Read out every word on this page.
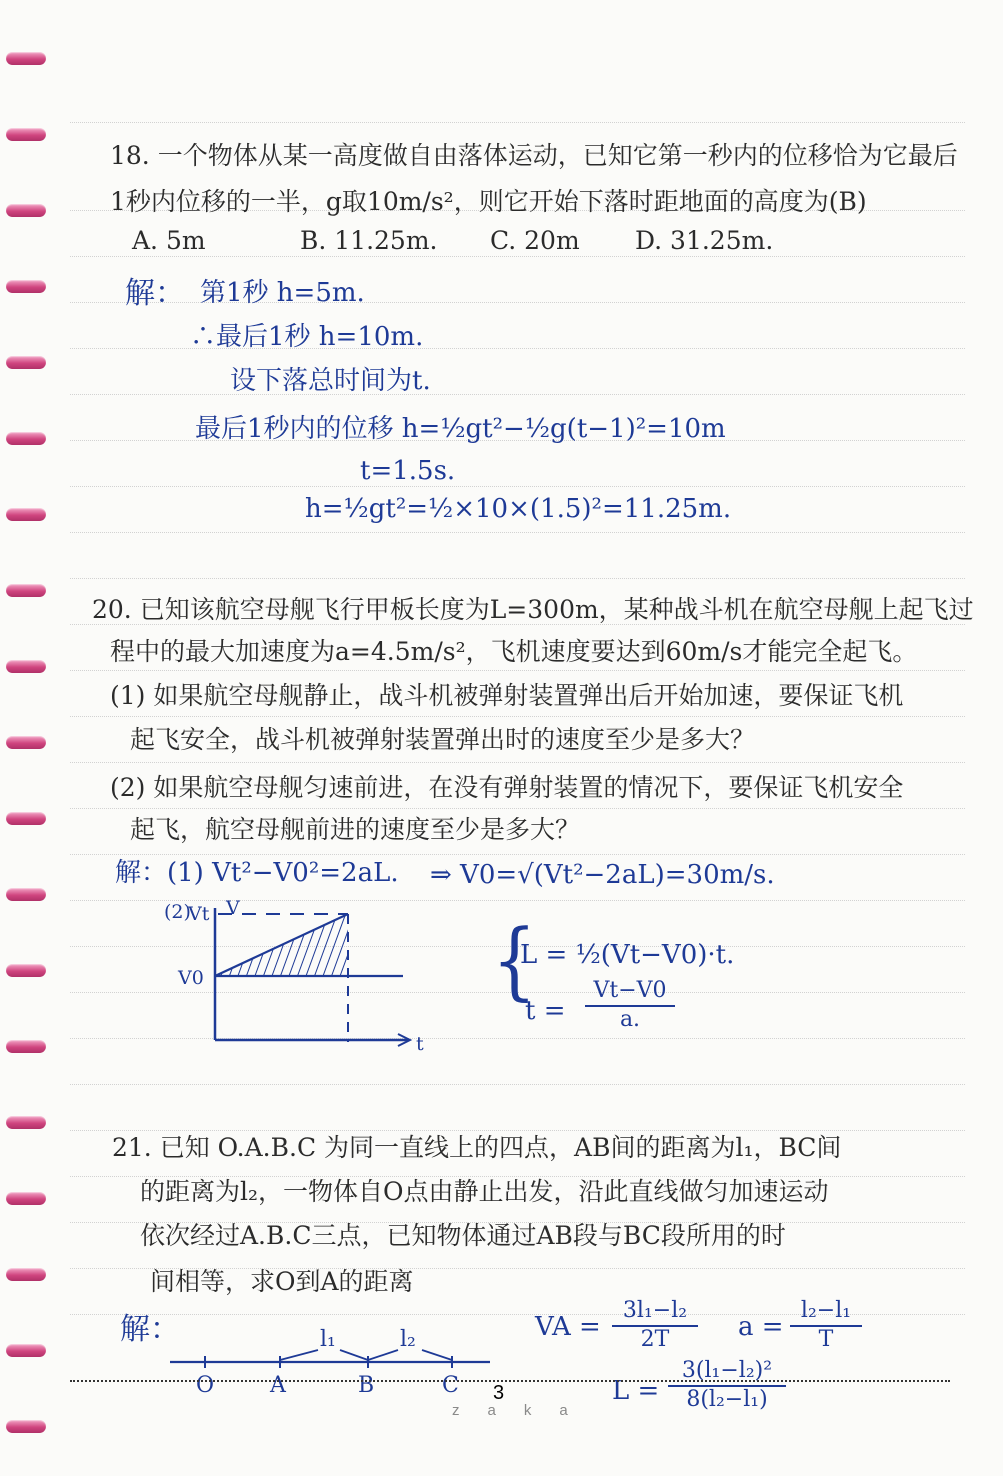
18. 一个物体从某一高度做自由落体运动，已知它第一秒内的位移恰为它最后
1秒内位移的一半，g取10m/s²，则它开始下落时距地面的高度为(B)
A. 5m	B. 11.25m. C. 20m D. 31.25m.
解： 第1秒 h=5m.
∴最后1秒 h=10m.
设下落总时间为t.
最后1秒内的位移 h=½gt²−½g(t−1)²=10m
t=1.5s.
h=½gt²=½×10×(1.5)²=11.25m.
20. 已知该航空母舰飞行甲板长度为L=300m，某种战斗机在航空母舰上起飞过
程中的最大加速度为a=4.5m/s²，飞机速度要达到60m/s才能完全起飞。
(1) 如果航空母舰静止，战斗机被弹射装置弹出后开始加速，要保证飞机
起飞安全，战斗机被弹射装置弹出时的速度至少是多大？
(2) 如果航空母舰匀速前进，在没有弹射装置的情况下，要保证飞机安全
起飞，航空母舰前进的速度至少是多大？
解：(1) Vt²−V0²=2aL. ⇒ V0=√(Vt²−2aL)=30m/s.
(2)
Vt V
V0
t
{
L = ½(Vt−V0)·t.
$t = \frac{Vt-V0}{a.}$
21. 已知 O.A.B.C 为同一直线上的四点，AB间的距离为l₁，BC间
的距离为l₂，一物体自O点由静止出发，沿此直线做匀加速运动
依次经过A.B.C三点，已知物体通过AB段与BC段所用的时
间相等，求O到A的距离
解：	l₁	l₂
O	A	B	C
VA = $\frac{\text{3l₁−l₂}}{2T}$ $a = \frac{\text{l₂−l₁}}{T}$
$L = \frac{\text{3(l₁−l₂)²}}{\text{8(l₂−l₁)}}$
3
zaka
